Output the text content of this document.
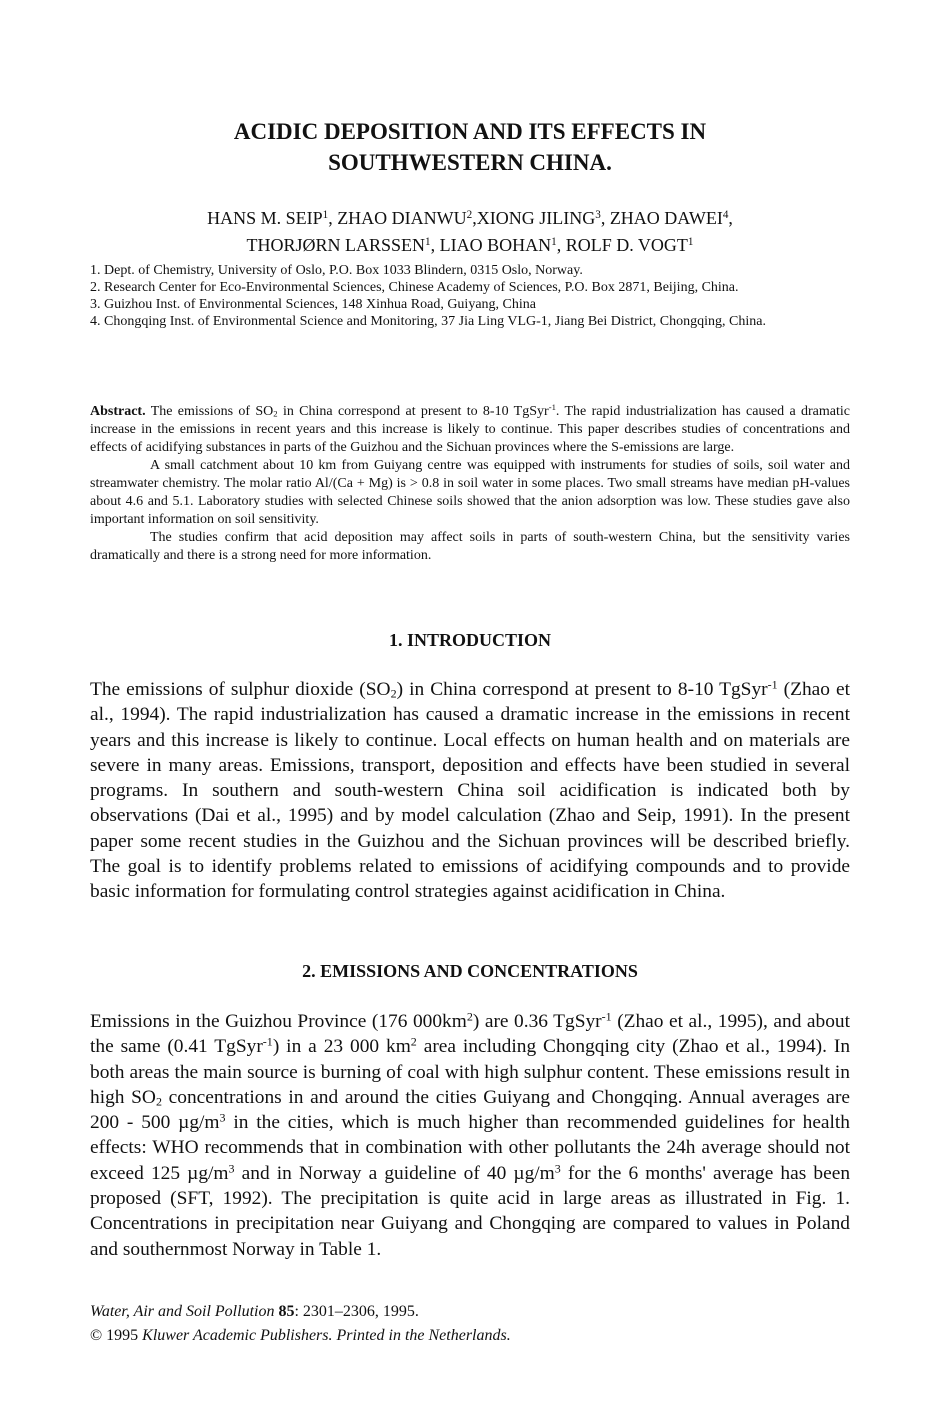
ACIDIC DEPOSITION AND ITS EFFECTS IN
SOUTHWESTERN CHINA.
HANS M. SEIP$^1$, ZHAO DIANWU$^2$,XIONG JILING$^3$, ZHAO DAWEI$^4$,
THORJØRN LARSSEN$^1$, LIAO BOHAN$^1$, ROLF D. VOGT$^1$

1. Dept. of Chemistry, University of Oslo, P.O. Box 1033 Blindern, 0315 Oslo, Norway.

2. Research Center for Eco-Environmental Sciences, Chinese Academy of Sciences, P.O. Box 2871, Beijing, China.

3. Guizhou Inst. of Environmental Sciences, 148 Xinhua Road, Guiyang, China

4. Chongqing Inst. of Environmental Science and Monitoring, 37 Jia Ling VLG-1, Jiang Bei District, Chongqing, China.

Abstract. The emissions of $SO_2$ in China correspond at present to 8-10 TgSyr$^{-1}$. The rapid industrialization has caused a dramatic increase in the emissions in recent years and this increase is likely to continue. This paper describes studies of concentrations and effects of acidifying substances in parts of the Guizhou and the Sichuan provinces where the S-emissions are large.

A small catchment about 10 km from Guiyang centre was equipped with instruments for studies of soils, soil water and streamwater chemistry. The molar ratio Al/(Ca + Mg) is > 0.8 in soil water in some places. Two small streams have median pH-values about 4.6 and 5.1. Laboratory studies with selected Chinese soils showed that the anion adsorption was low. These studies gave also important information on soil sensitivity.

The studies confirm that acid deposition may affect soils in parts of south-western China, but the sensitivity varies dramatically and there is a strong need for more information.

1. INTRODUCTION

The emissions of sulphur dioxide $(SO_2)$ in China correspond at present to 8-10 TgSyr$^{-1}$ (Zhao et al., 1994). The rapid industrialization has caused a dramatic increase in the emissions in recent years and this increase is likely to continue. Local effects on human health and on materials are severe in many areas. Emissions, transport, deposition and effects have been studied in several programs. In southern and south-western China soil acidification is indicated both by observations (Dai et al., 1995) and by model calculation (Zhao and Seip, 1991). In the present paper some recent studies in the Guizhou and the Sichuan provinces will be described briefly. The goal is to identify problems related to emissions of acidifying compounds and to provide basic information for formulating control strategies against acidification in China.

2. EMISSIONS AND CONCENTRATIONS

Emissions in the Guizhou Province (176 $000km^2$) are 0.36 TgSyr$^{-1}$ (Zhao et al., 1995), and about the same (0.41 TgSyr$^{-1}$) in a 23 000 $km^2$ area including Chongqing city (Zhao et al., 1994). In both areas the main source is burning of coal with high sulphur content. These emissions result in high $SO_2$ concentrations in and around the cities Guiyang and Chongqing. Annual averages are 200 - 500 $\mu g/m^3$ in the cities, which is much higher than recommended guidelines for health effects: WHO recommends that in combination with other pollutants the 24h average should not exceed 125 $\mu g/m^3$ and in Norway a guideline of 40 $\mu g/m^3$ for the 6 months' average has been proposed (SFT, 1992). The precipitation is quite acid in large areas as illustrated in Fig. 1. Concentrations in precipitation near Guiyang and Chongqing are compared to values in Poland and southernmost Norway in Table 1.

Water, Air and Soil Pollution 85: 2301–2306, 1995.

© 1995 Kluwer Academic Publishers. Printed in the Netherlands.
